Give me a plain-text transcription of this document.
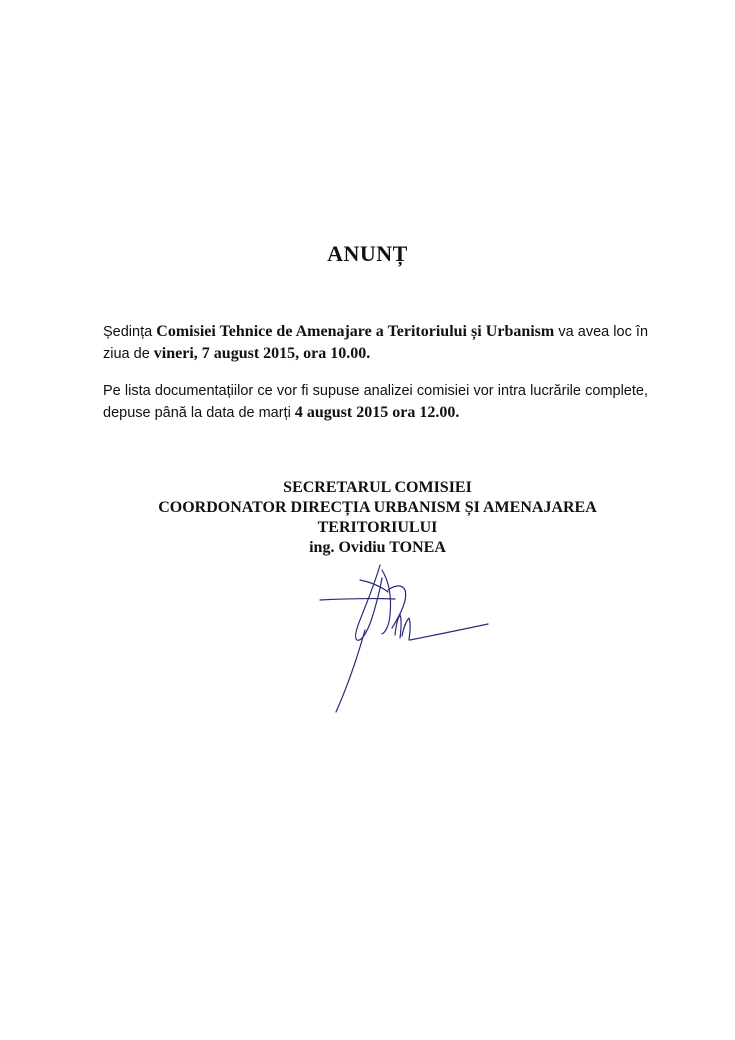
ANUNȚ
Ședința Comisiei Tehnice de Amenajare a Teritoriului și Urbanism va avea loc în ziua de vineri, 7 august 2015, ora 10.00.
Pe lista documentațiilor ce vor fi supuse analizei comisiei vor intra lucrările complete, depuse până la data de marți 4 august 2015 ora 12.00.
SECRETARUL COMISIEI
COORDONATOR DIRECȚIA URBANISM ȘI AMENAJAREA
TERITORIULUI
ing. Ovidiu TONEA
